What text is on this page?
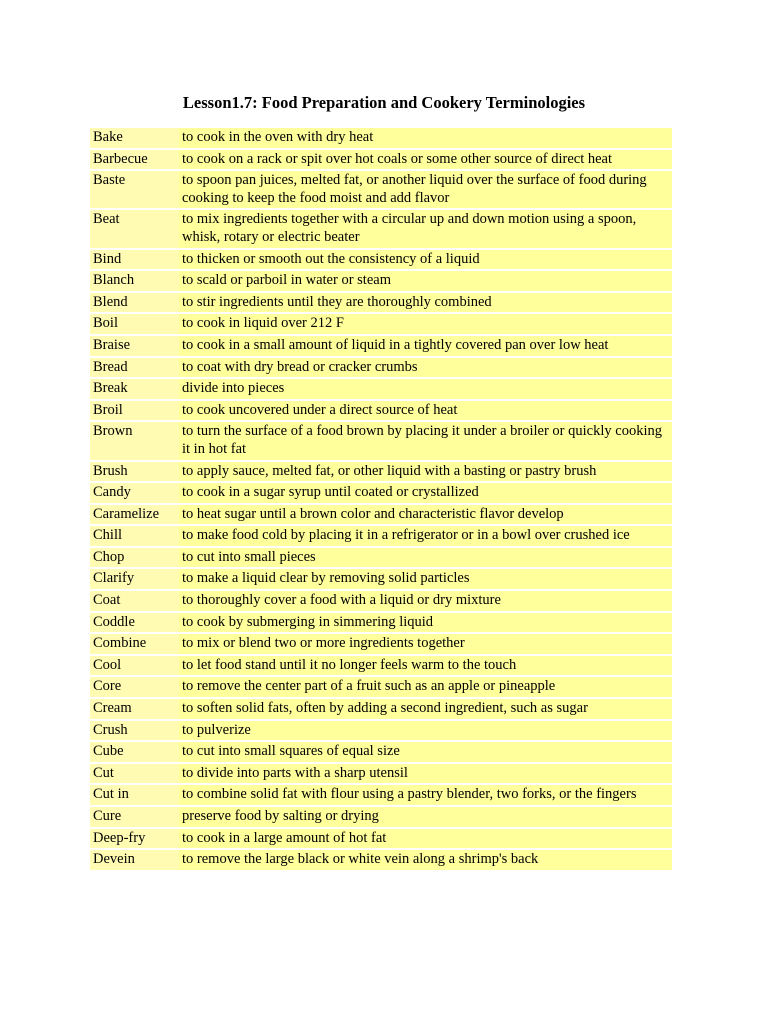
Lesson1.7: Food Preparation and Cookery Terminologies
Bake	to cook in the oven with dry heat
Barbecue	to cook on a rack or spit over hot coals or some other source of direct heat
Baste	to spoon pan juices, melted fat, or another liquid over the surface of food during cooking to keep the food moist and add flavor
Beat	to mix ingredients together with a circular up and down motion using a spoon, whisk, rotary or electric beater
Bind	to thicken or smooth out the consistency of a liquid
Blanch	to scald or parboil in water or steam
Blend	to stir ingredients until they are thoroughly combined
Boil	to cook in liquid over 212 F
Braise	to cook in a small amount of liquid in a tightly covered pan over low heat
Bread	to coat with dry bread or cracker crumbs
Break	divide into pieces
Broil	to cook uncovered under a direct source of heat
Brown	to turn the surface of a food brown by placing it under a broiler or quickly cooking it in hot fat
Brush	to apply sauce, melted fat, or other liquid with a basting or pastry brush
Candy	to cook in a sugar syrup until coated or crystallized
Caramelize	to heat sugar until a brown color and characteristic flavor develop
Chill	to make food cold by placing it in a refrigerator or in a bowl over crushed ice
Chop	to cut into small pieces
Clarify	to make a liquid clear by removing solid particles
Coat	to thoroughly cover a food with a liquid or dry mixture
Coddle	to cook by submerging in simmering liquid
Combine	to mix or blend two or more ingredients together
Cool	to let food stand until it no longer feels warm to the touch
Core	to remove the center part of a fruit such as an apple or pineapple
Cream	to soften solid fats, often by adding a second ingredient, such as sugar
Crush	to pulverize
Cube	to cut into small squares of equal size
Cut	to divide into parts with a sharp utensil
Cut in	to combine solid fat with flour using a pastry blender, two forks, or the fingers
Cure	preserve food by salting or drying
Deep-fry	to cook in a large amount of hot fat
Devein	to remove the large black or white vein along a shrimp's back
